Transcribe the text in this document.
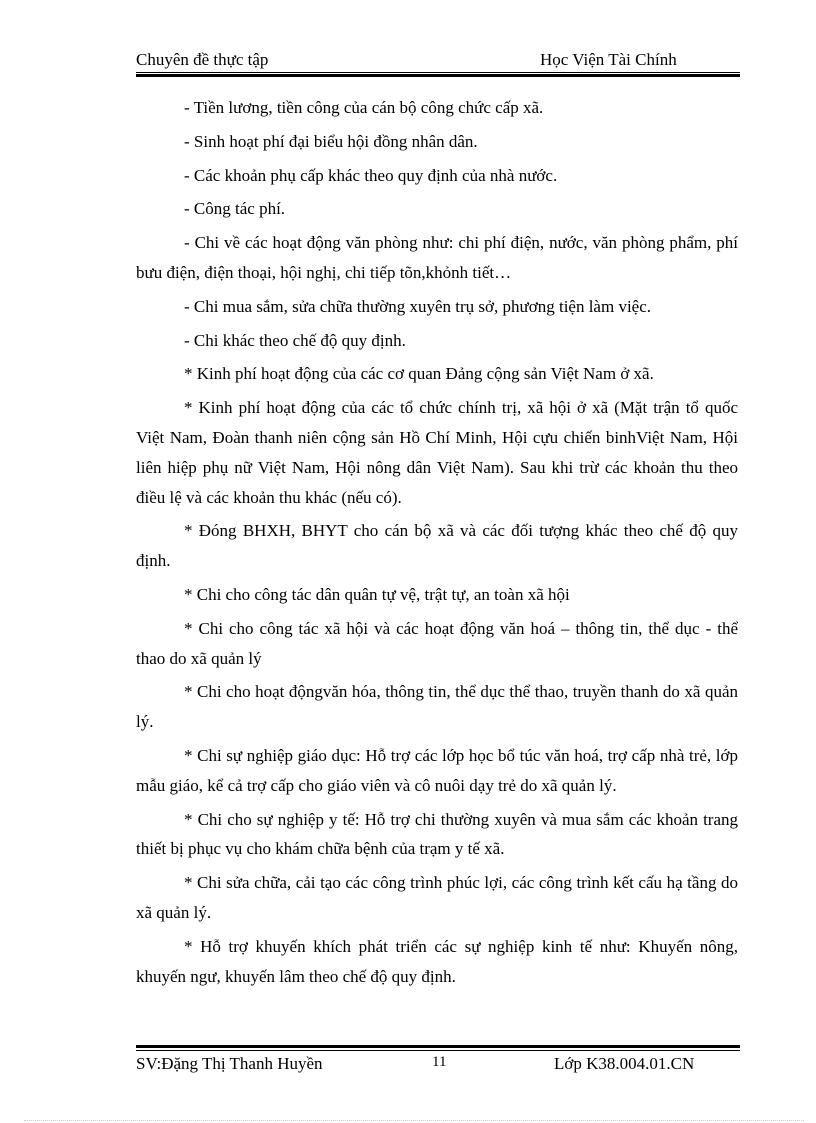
Chuyên đề thực tập	Học Viện Tài Chính

- Tiền lương, tiền công của cán bộ công chức cấp xã.

- Sinh hoạt phí đại biểu hội đồng nhân dân.

- Các khoản phụ cấp khác theo quy định của nhà nước.

- Công tác phí.

- Chi về các hoạt động văn phòng như: chi phí điện, nước, văn phòng phẩm, phí bưu điện, điện thoại, hội nghị, chi tiếp tõn,khỏnh tiết…

- Chi mua sắm, sửa chữa thường xuyên trụ sở, phương tiện làm việc.

- Chi khác theo chế độ quy định.

* Kinh phí hoạt động của các cơ quan Đảng cộng sản Việt Nam ở xã.

* Kinh phí hoạt động của các tổ chức chính trị, xã hội ở xã (Mặt trận tổ quốc Việt Nam, Đoàn thanh niên cộng sản Hồ Chí Minh, Hội cựu chiến binhViệt Nam, Hội liên hiệp phụ nữ Việt Nam, Hội nông dân Việt Nam). Sau khi trừ các khoản thu theo điều lệ và các khoản thu khác (nếu có).

* Đóng BHXH, BHYT cho cán bộ xã và các đối tượng khác theo chế độ quy định.

* Chi cho công tác dân quân tự vệ, trật tự, an toàn xã hội

* Chi cho công tác xã hội và các hoạt động văn hoá – thông tin, thể dục - thể thao do xã quản lý

* Chi cho hoạt độngvăn hóa, thông tin, thể dục thể thao, truyền thanh do xã quản lý.

* Chi sự nghiệp giáo dục: Hỗ trợ các lớp học bổ túc văn hoá, trợ cấp nhà trẻ, lớp mẫu giáo, kể cả trợ cấp cho giáo viên và cô nuôi dạy trẻ do xã quản lý.

* Chi cho sự nghiệp y tế: Hỗ trợ chi thường xuyên và mua sắm các khoản trang thiết bị phục vụ cho khám chữa bệnh của trạm y tế xã.

* Chi sửa chữa, cải tạo các công trình phúc lợi, các công trình kết cấu hạ tầng do xã quản lý.

* Hỗ trợ khuyến khích phát triển các sự nghiệp kinh tế như: Khuyến nông, khuyến ngư, khuyến lâm theo chế độ quy định.

SV:Đặng Thị Thanh Huyền	11	Lớp K38.004.01.CN
